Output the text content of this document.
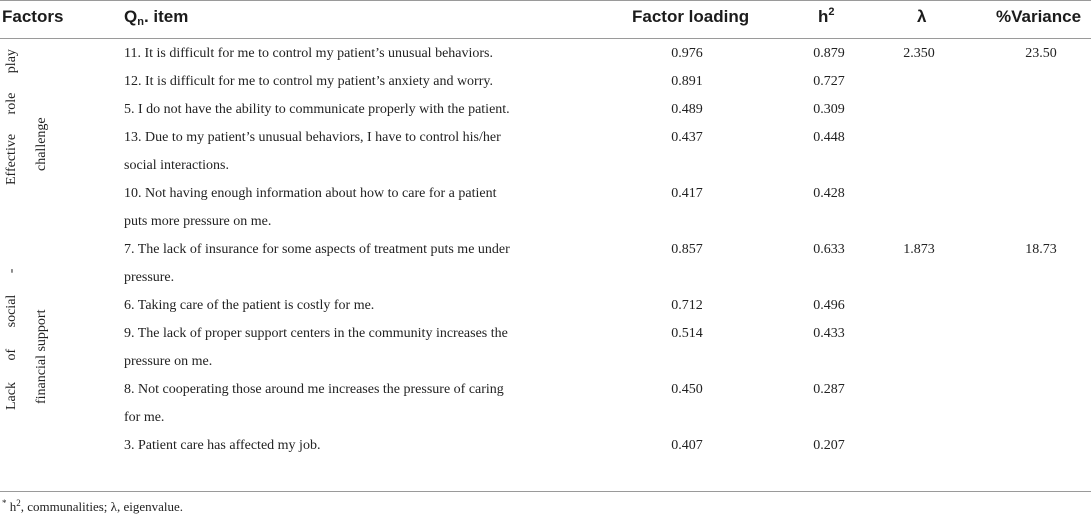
Factors	$Q_n$. item	Factor loading	$h^2$	λ	%Variance
Effective role play challenge
11. It is difficult for me to control my patient’s unusual behaviors.	0.976	0.879	2.350	23.50
12. It is difficult for me to control my patient’s anxiety and worry.	0.891	0.727
5. I do not have the ability to communicate properly with the patient.	0.489	0.309
13. Due to my patient’s unusual behaviors, I have to control his/her
social interactions.
0.437	0.448
10. Not having enough information about how to care for a patient
puts more pressure on me.
0.417	0.428
Lack of social - financial support
7. The lack of insurance for some aspects of treatment puts me under
pressure.
0.857	0.633	1.873	18.73
6. Taking care of the patient is costly for me.	0.712	0.496
9. The lack of proper support centers in the community increases the
pressure on me.
0.514	0.433
8. Not cooperating those around me increases the pressure of caring
for me.
0.450	0.287
3. Patient care has affected my job.	0.407	0.207
* $h^2$, communalities; λ, eigenvalue.
